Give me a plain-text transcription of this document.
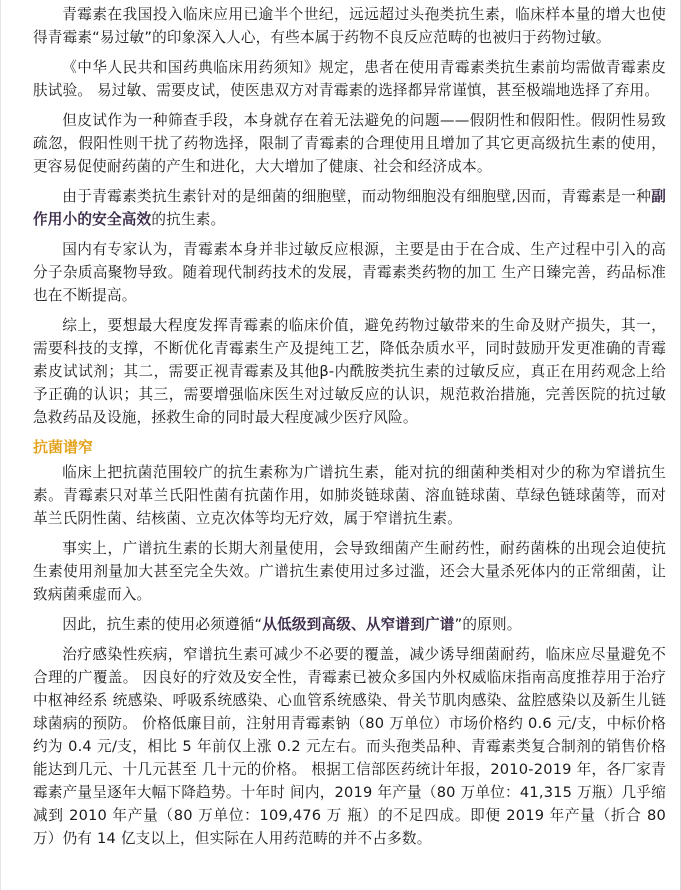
青霉素在我国投入临床应用已逾半个世纪，远远超过头孢类抗生素，临床样本量的增大也使得青霉素“易过敏”的印象深入人心，有些本属于药物不良反应范畴的也被归于药物过敏。

《中华人民共和国药典临床用药须知》规定，患者在使用青霉素类抗生素前均需做青霉素皮肤试验。 易过敏、需要皮试，使医患双方对青霉素的选择都异常谨慎，甚至极端地选择了弃用。

但皮试作为一种筛查手段，本身就存在着无法避免的问题——假阴性和假阳性。假阴性易致疏忽，假阳性则干扰了药物选择，限制了青霉素的合理使用且增加了其它更高级抗生素的使用，更容易促使耐药菌的产生和进化，大大增加了健康、社会和经济成本。

由于青霉素类抗生素针对的是细菌的细胞壁，而动物细胞没有细胞壁,因而，青霉素是一种副作用小的安全高效的抗生素。

国内有专家认为，青霉素本身并非过敏反应根源，主要是由于在合成、生产过程中引入的高分子杂质高聚物导致。随着现代制药技术的发展，青霉素类药物的加工 生产日臻完善，药品标准也在不断提高。

综上，要想最大程度发挥青霉素的临床价值，避免药物过敏带来的生命及财产损失，其一， 需要科技的支撑，不断优化青霉素生产及提纯工艺，降低杂质水平，同时鼓励开发更准确的青霉 素皮试试剂；其二，需要正视青霉素及其他β-内酰胺类抗生素的过敏反应，真正在用药观念上给 予正确的认识；其三，需要增强临床医生对过敏反应的认识，规范救治措施，完善医院的抗过敏急救药品及设施，拯救生命的同时最大程度减少医疗风险。

抗菌谱窄

临床上把抗菌范围较广的抗生素称为广谱抗生素，能对抗的细菌种类相对少的称为窄谱抗生素。青霉素只对革兰氏阳性菌有抗菌作用，如肺炎链球菌、溶血链球菌、草绿色链球菌等，而对 革兰氏阴性菌、结核菌、立克次体等均无疗效，属于窄谱抗生素。

事实上，广谱抗生素的长期大剂量使用，会导致细菌产生耐药性，耐药菌株的出现会迫使抗 生素使用剂量加大甚至完全失效。广谱抗生素使用过多过滥，还会大量杀死体内的正常细菌，让 致病菌乘虚而入。

因此，抗生素的使用必须遵循“从低级到高级、从窄谱到广谱”的原则。

治疗感染性疾病，窄谱抗生素可减少不必要的覆盖，减少诱导细菌耐药，临床应尽量避免不合理的广覆盖。 因良好的疗效及安全性，青霉素已被众多国内外权威临床指南高度推荐用于治疗中枢神经系 统感染、呼吸系统感染、心血管系统感染、骨关节肌肉感染、盆腔感染以及新生儿链球菌病的预防。 价格低廉目前，注射用青霉素钠（80 万单位）市场价格约 0.6 元/支，中标价格约为 0.4 元/支，相比 5 年前仅上涨 0.2 元左右。而头孢类品种、青霉素类复合制剂的销售价格能达到几元、十几元甚至 几十元的价格。 根据工信部医药统计年报，2010-2019 年，各厂家青霉素产量呈逐年大幅下降趋势。十年时 间内，2019 年产量（80 万单位：41,315 万瓶）几乎缩减到 2010 年产量（80 万单位：109,476 万 瓶）的不足四成。即便 2019 年产量（折合 80 万）仍有 14 亿支以上，但实际在人用药范畴的并不占多数。
